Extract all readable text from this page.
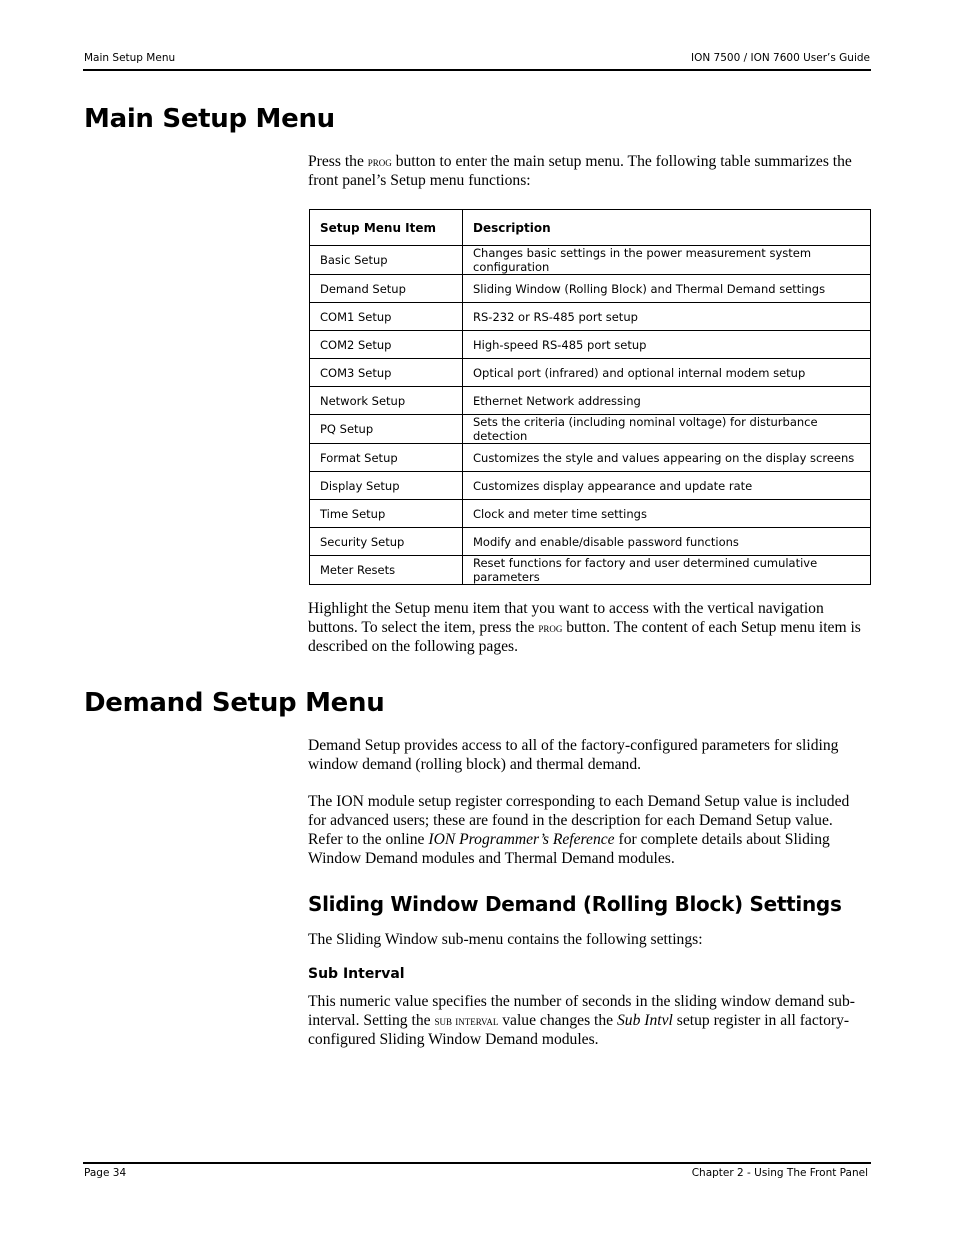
Main Setup Menu	ION 7500 / ION 7600 User’s Guide
Main Setup Menu

Press the prog button to enter the main setup menu. The following table summarizes the front panel’s Setup menu functions:

Setup Menu Item	Description
Basic Setup	Changes basic settings in the power measurement system configuration
Demand Setup	Sliding Window (Rolling Block) and Thermal Demand settings
COM1 Setup	RS-232 or RS-485 port setup
COM2 Setup	High-speed RS-485 port setup
COM3 Setup	Optical port (infrared) and optional internal modem setup
Network Setup	Ethernet Network addressing
PQ Setup	Sets the criteria (including nominal voltage) for disturbance detection
Format Setup	Customizes the style and values appearing on the display screens
Display Setup	Customizes display appearance and update rate
Time Setup	Clock and meter time settings
Security Setup	Modify and enable/disable password functions
Meter Resets	Reset functions for factory and user determined cumulative parameters

Highlight the Setup menu item that you want to access with the vertical navigation buttons. To select the item, press the prog button. The content of each Setup menu item is described on the following pages.

Demand Setup Menu

Demand Setup provides access to all of the factory-configured parameters for sliding window demand (rolling block) and thermal demand.

The ION module setup register corresponding to each Demand Setup value is included for advanced users; these are found in the description for each Demand Setup value. Refer to the online ION Programmer’s Reference for complete details about Sliding Window Demand modules and Thermal Demand modules.

Sliding Window Demand (Rolling Block) Settings

The Sliding Window sub-menu contains the following settings:

Sub Interval

This numeric value specifies the number of seconds in the sliding window demand sub-interval. Setting the sub interval value changes the Sub Intvl setup register in all factory-configured Sliding Window Demand modules.

Page 34	Chapter 2 - Using The Front Panel
